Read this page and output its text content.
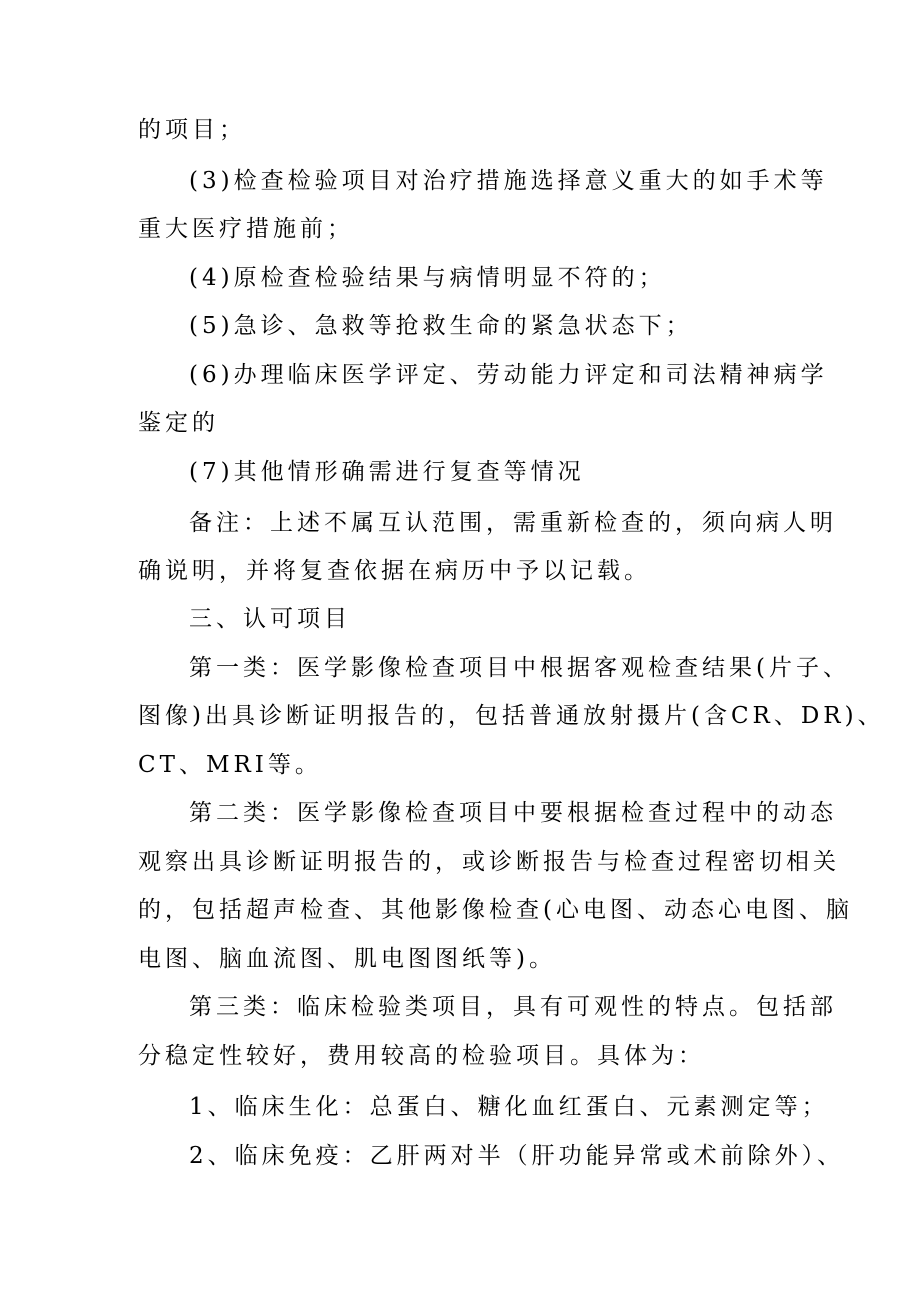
的项目；
(3)检查检验项目对治疗措施选择意义重大的如手术等
重大医疗措施前；
(4)原检查检验结果与病情明显不符的；
(5)急诊、急救等抢救生命的紧急状态下；
(6)办理临床医学评定、劳动能力评定和司法精神病学
鉴定的
(7)其他情形确需进行复查等情况
备注：上述不属互认范围，需重新检查的，须向病人明
确说明，并将复查依据在病历中予以记载。
三、认可项目
第一类：医学影像检查项目中根据客观检查结果(片子、
图像)出具诊断证明报告的，包括普通放射摄片(含CR、DR)、
CT、MRI等。
第二类：医学影像检查项目中要根据检查过程中的动态
观察出具诊断证明报告的，或诊断报告与检查过程密切相关
的，包括超声检查、其他影像检查(心电图、动态心电图、脑
电图、脑血流图、肌电图图纸等)。
第三类：临床检验类项目，具有可观性的特点。包括部
分稳定性较好，费用较高的检验项目。具体为：
1、临床生化：总蛋白、糖化血红蛋白、元素测定等；
2、临床免疫：乙肝两对半（肝功能异常或术前除外）、
